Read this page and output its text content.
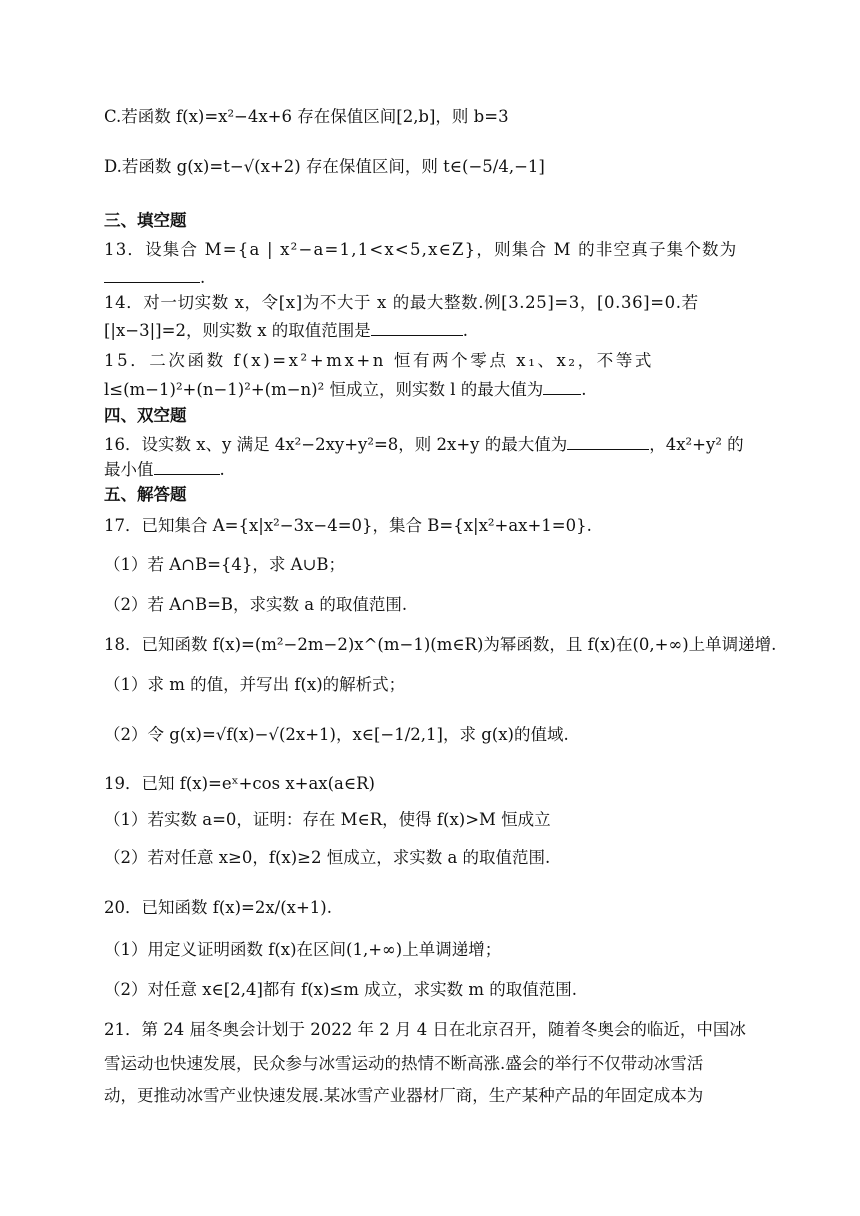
C.若函数 f(x)=x²−4x+6 存在保值区间[2,b]，则 b=3
D.若函数 g(x)=t−√(x+2) 存在保值区间，则 t∈(−5/4,−1]
三、填空题
13．设集合 M={a | x²−a=1,1<x<5,x∈Z}，则集合 M 的非空真子集个数为
.
14．对一切实数 x，令[x]为不大于 x 的最大整数.例[3.25]=3，[0.36]=0.若
[|x−3|]=2，则实数 x 的取值范围是	.
15．二次函数 f(x)=x²+mx+n 恒有两个零点 x₁、x₂，不等式
l≤(m−1)²+(n−1)²+(m−n)² 恒成立，则实数 l 的最大值为 .
四、双空题
16．设实数 x、y 满足 4x²−2xy+y²=8，则 2x+y 的最大值为	，4x²+y² 的
最小值	.
五、解答题
17．已知集合 A={x|x²−3x−4=0}，集合 B={x|x²+ax+1=0}.
（1）若 A∩B={4}，求 A∪B；
（2）若 A∩B=B，求实数 a 的取值范围.
18．已知函数 f(x)=(m²−2m−2)x^(m−1)(m∈R)为幂函数，且 f(x)在(0,+∞)上单调递增.
（1）求 m 的值，并写出 f(x)的解析式；
（2）令 g(x)=√f(x)−√(2x+1)，x∈[−1/2,1]，求 g(x)的值域.
19．已知 f(x)=eˣ+cos x+ax(a∈R)
（1）若实数 a=0，证明：存在 M∈R，使得 f(x)>M 恒成立
（2）若对任意 x≥0，f(x)≥2 恒成立，求实数 a 的取值范围.
20．已知函数 f(x)=2x/(x+1).
（1）用定义证明函数 f(x)在区间(1,+∞)上单调递增；
（2）对任意 x∈[2,4]都有 f(x)≤m 成立，求实数 m 的取值范围.
21．第 24 届冬奥会计划于 2022 年 2 月 4 日在北京召开，随着冬奥会的临近，中国冰
雪运动也快速发展，民众参与冰雪运动的热情不断高涨.盛会的举行不仅带动冰雪活
动，更推动冰雪产业快速发展.某冰雪产业器材厂商，生产某种产品的年固定成本为
